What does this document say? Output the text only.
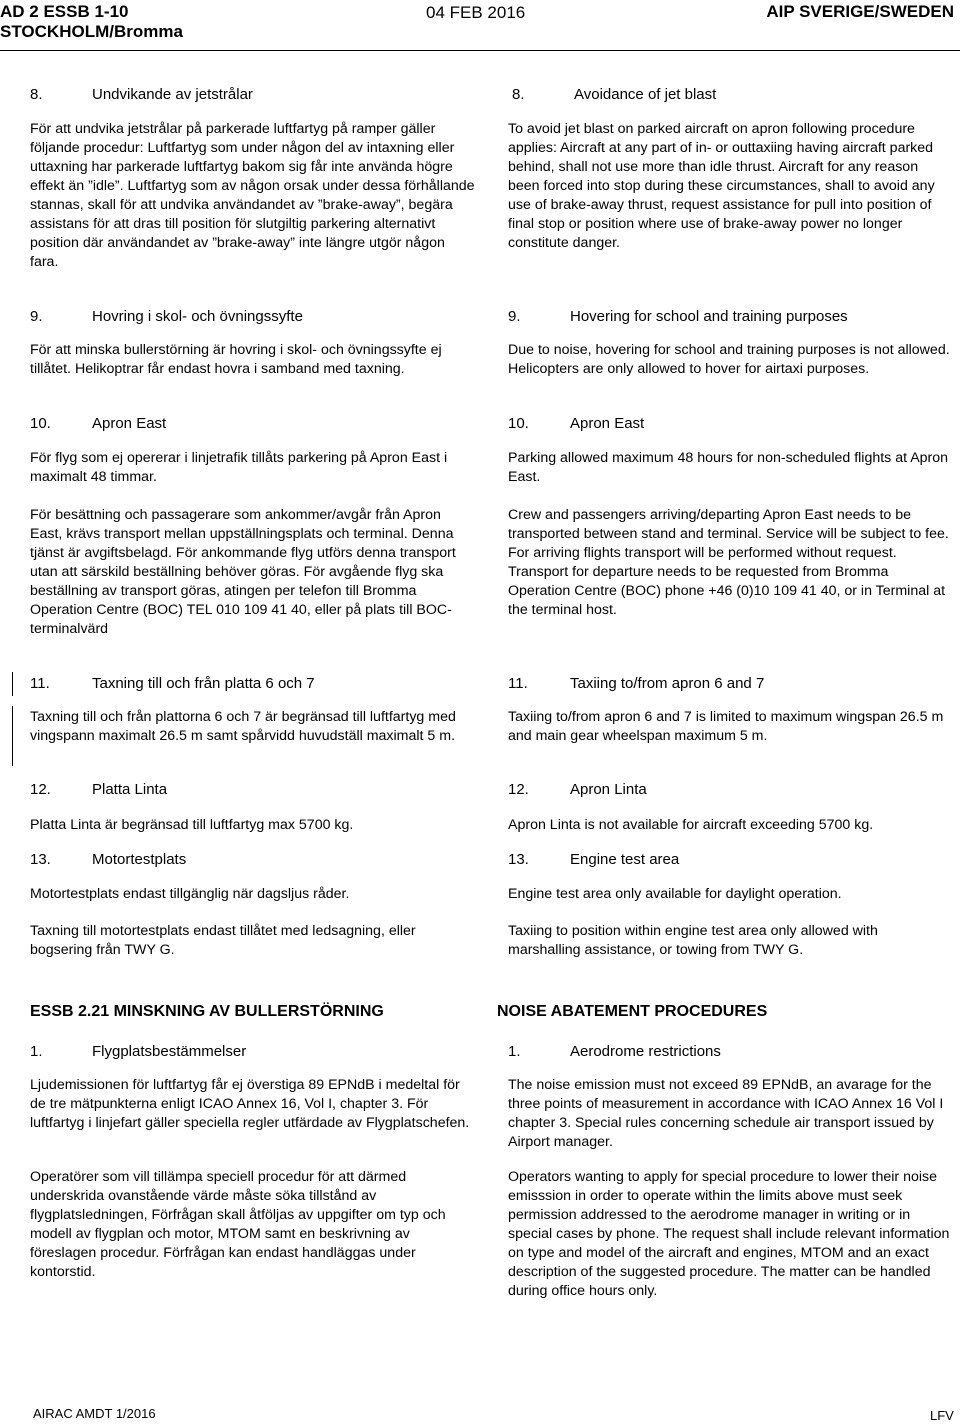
AD 2 ESSB 1-10
STOCKHOLM/Bromma
04 FEB 2016	AIP SVERIGE/SWEDEN
8.	Undvikande av jetstrålar	8.	Avoidance of jet blast
För att undvika jetstrålar på parkerade luftfartyg på ramper gäller följande procedur: Luftfartyg som under någon del av intaxning eller uttaxning har parkerade luftfartyg bakom sig får inte använda högre effekt än ”idle”. Luftfartyg som av någon orsak under dessa förhållande stannas, skall för att undvika användandet av ”brake-away”, begära assistans för att dras till position för slutgiltig parkering alternativt position där användandet av ”brake-away” inte längre utgör någon fara.
To avoid jet blast on parked aircraft on apron following procedure applies: Aircraft at any part of in- or outtaxiing having aircraft parked behind, shall not use more than idle thrust. Aircraft for any reason been forced into stop during these circumstances, shall to avoid any use of brake-away thrust, request assistance for pull into position of final stop or position where use of brake-away power no longer constitute danger.
9.	Hovring i skol- och övningssyfte	9.	Hovering for school and training purposes
För att minska bullerstörning är hovring i skol- och övningssyfte ej tillåtet. Helikoptrar får endast hovra i samband med taxning.
Due to noise, hovering for school and training purposes is not allowed. Helicopters are only allowed to hover for airtaxi purposes.
10.	Apron East	10.	Apron East
För flyg som ej opererar i linjetrafik tillåts parkering på Apron East i maximalt 48 timmar.
Parking allowed maximum 48 hours for non-scheduled flights at Apron East.
För besättning och passagerare som ankommer/avgår från Apron East, krävs transport mellan uppställningsplats och terminal. Denna tjänst är avgiftsbelagd. För ankommande flyg utförs denna transport utan att särskild beställning behöver göras. För avgående flyg ska beställning av transport göras, atingen per telefon till Bromma Operation Centre (BOC) TEL 010 109 41 40, eller på plats till BOC-terminalvärd
Crew and passengers arriving/departing Apron East needs to be transported between stand and terminal. Service will be subject to fee. For arriving flights transport will be performed without request. Transport for departure needs to be requested from Bromma Operation Centre (BOC) phone +46 (0)10 109 41 40, or in Terminal at the terminal host.
11.	Taxning till och från platta 6 och 7	11.	Taxiing to/from apron 6 and 7
Taxning till och från plattorna 6 och 7 är begränsad till luftfartyg med vingspann maximalt 26.5 m samt spårvidd huvudställ maximalt 5 m.
Taxiing to/from apron 6 and 7 is limited to maximum wingspan 26.5 m and main gear wheelspan maximum 5 m.
12.	Platta Linta	12.	Apron Linta
Platta Linta är begränsad till luftfartyg max 5700 kg.	Apron Linta is not available for aircraft exceeding 5700 kg.
13.	Motortestplats	13.	Engine test area
Motortestplats endast tillgänglig när dagsljus råder.	Engine test area only available for daylight operation.
Taxning till motortestplats endast tillåtet med ledsagning, eller bogsering från TWY G.
Taxiing to position within engine test area only allowed with marshalling assistance, or towing from TWY G.
ESSB 2.21 MINSKNING AV BULLERSTÖRNING	NOISE ABATEMENT PROCEDURES
1.	Flygplatsbestämmelser	1.	Aerodrome restrictions
Ljudemissionen för luftfartyg får ej överstiga 89 EPNdB i medeltal för de tre mätpunkterna enligt ICAO Annex 16, Vol I, chapter 3. För luftfartyg i linjefart gäller speciella regler utfärdade av Flygplatschefen.
The noise emission must not exceed 89 EPNdB, an avarage for the three points of measurement in accordance with ICAO Annex 16 Vol I chapter 3. Special rules concerning schedule air transport issued by Airport manager.
Operatörer som vill tillämpa speciell procedur för att därmed underskrida ovanstående värde måste söka tillstånd av flygplatsledningen, Förfrågan skall åtföljas av uppgifter om typ och modell av flygplan och motor, MTOM samt en beskrivning av föreslagen procedur. Förfrågan kan endast handläggas under kontorstid.
Operators wanting to apply for special procedure to lower their noise emisssion in order to operate within the limits above must seek permission addressed to the aerodrome manager in writing or in special cases by phone. The request shall include relevant information on type and model of the aircraft and engines, MTOM and an exact description of the suggested procedure. The matter can be handled during office hours only.
AIRAC AMDT 1/2016	LFV
